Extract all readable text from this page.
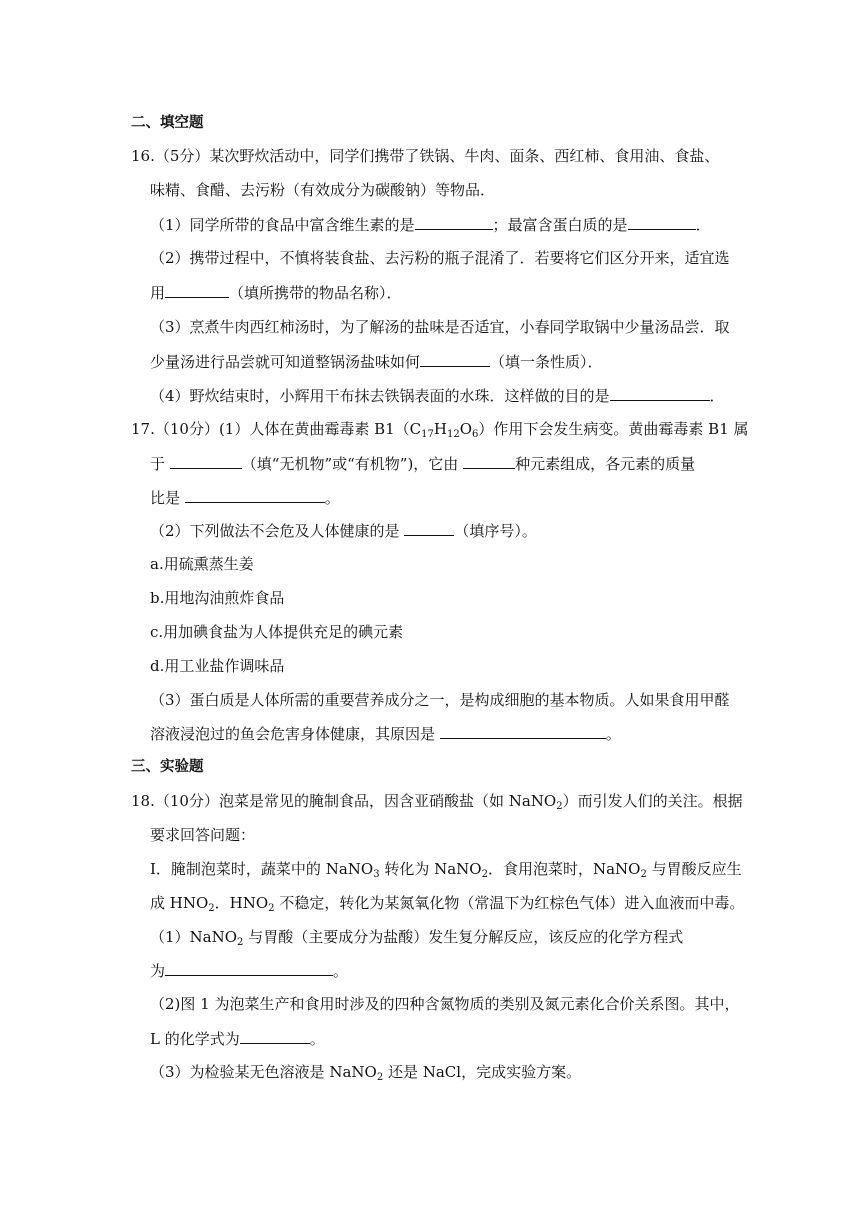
二、填空题
16.（5分）某次野炊活动中，同学们携带了铁锅、牛肉、面条、西红柿、食用油、食盐、
味精、食醋、去污粉（有效成分为碳酸钠）等物品．
（1）同学所带的食品中富含维生素的是	；最富含蛋白质的是	．
（2）携带过程中，不慎将装食盐、去污粉的瓶子混淆了．若要将它们区分开来，适宜选
用	（填所携带的物品名称）．
（3）烹煮牛肉西红柿汤时，为了解汤的盐味是否适宜，小春同学取锅中少量汤品尝．取
少量汤进行品尝就可知道整锅汤盐味如何	（填一条性质）．
（4）野炊结束时，小辉用干布抹去铁锅表面的水珠．这样做的目的是	．
17.（10分）(1）人体在黄曲霉毒素 $B1(C_{17}H_{12}O_6)$作用下会发生病变。黄曲霉毒素 B1 属
于	（填“无机物”或“有机物”)，它由	种元素组成，各元素的质量
比是	。
（2）下列做法不会危及人体健康的是	（填序号）。
a.用硫熏蒸生姜
b.用地沟油煎炸食品
c.用加碘食盐为人体提供充足的碘元素
d.用工业盐作调味品
（3）蛋白质是人体所需的重要营养成分之一，是构成细胞的基本物质。人如果食用甲醛
溶液浸泡过的鱼会危害身体健康，其原因是	。
三、实验题
18.（10分）泡菜是常见的腌制食品，因含亚硝酸盐（如 NaNO$_2$）而引发人们的关注。根据
要求回答问题：
Ⅰ．腌制泡菜时，蔬菜中的 NaNO$_3$ 转化为 NaNO$_2$．食用泡菜时，NaNO$_2$ 与胃酸反应生
成 $HNO_2$．$HNO_2$ 不稳定，转化为某氮氧化物（常温下为红棕色气体）进入血液而中毒。
（1）NaNO$_2$ 与胃酸（主要成分为盐酸）发生复分解反应，该反应的化学方程式
为	。
（2)图 1 为泡菜生产和食用时涉及的四种含氮物质的类别及氮元素化合价关系图。其中，
L 的化学式为	。
（3）为检验某无色溶液是 NaNO$_2$ 还是 NaCl，完成实验方案。
